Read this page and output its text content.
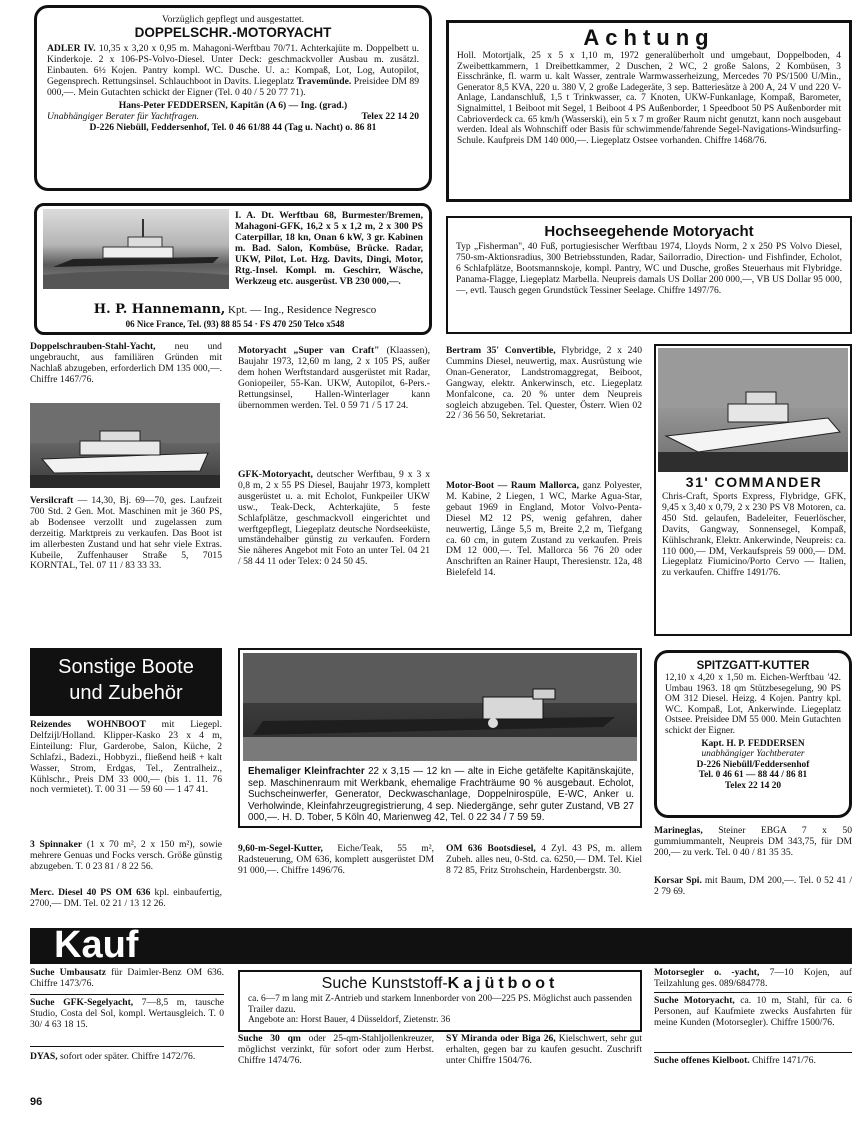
Vorzüglich gepflegt und ausgestattet.

DOPPELSCHR.-MOTORYACHT

ADLER IV. 10,35 x 3,20 x 0,95 m. Mahagoni-Werftbau 70/71. Achterkajüte m. Doppelbett u. Kinderkoje. 2 x 106-PS-Volvo-Diesel. Unter Deck: geschmackvoller Ausbau m. zusätzl. Einbauten. 6½ Kojen. Pantry kompl. WC. Dusche. U. a.: Kompaß, Lot, Log, Autopilot, Gegensprech. Rettungsinsel. Schlauchboot in Davits. Liegeplatz Travemünde. Preisidee DM 89 000,—. Mein Gutachten schickt der Eigner (Tel. 0 40 / 5 20 77 71).

Hans-Peter FEDDERSEN, Kapitän (A 6) — Ing. (grad.)

Unabhängiger Berater für Yachtfragen.	Telex 22 14 20

D-226 Niebüll, Feddersenhof, Tel. 0 46 61/88 44 (Tag u. Nacht) o. 86 81

Achtung

Holl. Motortjalk, 25 x 5 x 1,10 m, 1972 generalüberholt und umgebaut, Doppelboden, 4 Zweibettkammern, 1 Dreibettkammer, 2 Duschen, 2 WC, 2 große Salons, 2 Kombüsen, 3 Eisschränke, fl. warm u. kalt Wasser, zentrale Warmwasserheizung, Mercedes 70 PS/1500 U/Min., Generator 8,5 KVA, 220 u. 380 V, 2 große Ladegeräte, 3 sep. Batteriesätze à 200 A, 24 V und 220 V-Anlage, Landanschluß, 1,5 t Trinkwasser, ca. 7 Knoten, UKW-Funkanlage, Kompaß, Barometer, Signalmittel, 1 Beiboot mit Segel, 1 Beiboot 4 PS Außenborder, 1 Speedboot 50 PS Außenborder mit Cabrioverdeck ca. 65 km/h (Wasserski), ein 5 x 7 m großer Raum nicht genutzt, kann noch ausgebaut werden. Ideal als Wohnschiff oder Basis für schwimmende/fahrende Segel-Navigations-Windsurfing-Schule. Kaufpreis DM 140 000,—. Liegeplatz Ostsee vorhanden. Chiffre 1468/76.

I. A. Dt. Werftbau 68, Burmester/Bremen, Mahagoni-GFK, 16,2 x 5 x 1,2 m, 2 x 300 PS Caterpillar, 18 kn, Onan 6 kW, 3 gr. Kabinen m. Bad. Salon, Kombüse, Brücke. Radar, UKW, Pilot, Lot. Hzg. Davits, Dingi, Motor, Rtg.-Insel. Kompl. m. Geschirr, Wäsche, Werkzeug etc. ausgerüst. VB 230 000,—.

H. P. Hannemann, Kpt. — Ing., Residence Negresco

06 Nice France, Tel. (93) 88 85 54 · FS 470 250 Telco x548

Hochseegehende Motoryacht

Typ „Fisherman", 40 Fuß, portugiesischer Werftbau 1974, Lloyds Norm, 2 x 250 PS Volvo Diesel, 750-sm-Aktionsradius, 300 Betriebsstunden, Radar, Sailorradio, Direction- und Fishfinder, Echolot, 6 Schlafplätze, Bootsmannskoje, kompl. Pantry, WC und Dusche, großes Steuerhaus mit Flybridge. Panama-Flagge, Liegeplatz Marbella. Neupreis damals US Dollar 200 000,—, VB US Dollar 95 000,—, evtl. Tausch gegen Grundstück Tessiner Seelage. Chiffre 1497/76.

Doppelschrauben-Stahl-Yacht, neu und ungebraucht, aus familiären Gründen mit Nachlaß abzugeben, erforderlich DM 135 000,—. Chiffre 1467/76.
Versilcraft — 14,30, Bj. 69—70, ges. Laufzeit 700 Std. 2 Gen. Mot. Maschinen mit je 360 PS, ab Bodensee verzollt und zugelassen zum derzeitig. Marktpreis zu verkaufen. Das Boot ist im allerbesten Zustand und hat sehr viele Extras. Kubeile, Zuffenhauser Straße 5, 7015 KORNTAL, Tel. 07 11 / 83 33 33.
Motoryacht „Super van Craft" (Klaassen), Baujahr 1973, 12,60 m lang, 2 x 105 PS, außer dem hohen Werftstandard ausgerüstet mit Radar, Goniopeiler, 55-Kan. UKW, Autopilot, 6-Pers.-Rettungsinsel, Hallen-Winterlager kann übernommen werden. Tel. 0 59 71 / 5 17 24.
GFK-Motoryacht, deutscher Werftbau, 9 x 3 x 0,8 m, 2 x 55 PS Diesel, Baujahr 1973, komplett ausgerüstet u. a. mit Echolot, Funkpeiler UKW usw., Teak-Deck, Achterkajüte, 5 feste Schlafplätze, geschmackvoll eingerichtet und werftgepflegt, Liegeplatz deutsche Nordseeküste, umständehalber günstig zu verkaufen. Fordern Sie näheres Angebot mit Foto an unter Tel. 04 21 / 58 44 11 oder Telex: 0 24 50 45.
Bertram 35' Convertible, Flybridge, 2 x 240 Cummins Diesel, neuwertig, max. Ausrüstung wie Onan-Generator, Landstromaggregat, Beiboot, Gangway, elektr. Ankerwinsch, etc. Liegeplatz Monfalcone, ca. 20 % unter dem Neupreis sogleich abzugeben. Tel. Quester, Österr. Wien 02 22 / 36 56 50, Sekretariat.
Motor-Boot — Raum Mallorca, ganz Polyester, M. Kabine, 2 Liegen, 1 WC, Marke Agua-Star, gebaut 1969 in England, Motor Volvo-Penta-Diesel M2 12 PS, wenig gefahren, daher neuwertig, Länge 5,5 m, Breite 2,2 m, Tiefgang ca. 60 cm, in gutem Zustand zu verkaufen. Preis DM 12 000,—. Tel. Mallorca 56 76 20 oder Anschriften an Rainer Haupt, Theresienstr. 12a, 48 Bielefeld 14.

31' COMMANDER

Chris-Craft, Sports Express, Flybridge, GFK, 9,45 x 3,40 x 0,79, 2 x 230 PS V8 Motoren, ca. 450 Std. gelaufen, Badeleiter, Feuerlöscher, Davits, Gangway, Sonnensegel, Kompaß, Kühlschrank, Elektr. Ankerwinde, Neupreis: ca. 110 000,— DM, Verkaufspreis 59 000,— DM. Liegeplatz Fiumicino/Porto Cervo — Italien, zu verkaufen. Chiffre 1491/76.

Sonstige Boote

und Zubehör

Reizendes WOHNBOOT mit Liegepl. Delfzijl/Holland. Klipper-Kasko 23 x 4 m, Einteilung: Flur, Garderobe, Salon, Küche, 2 Schlafzi., Badezi., Hobbyzi., fließend heiß + kalt Wasser, Strom, Erdgas, Tel., Zentralheiz., Kühlschr., Preis DM 33 000,— (bis 1. 11. 76 noch vermietet). T. 00 31 — 59 60 — 1 47 41.
3 Spinnaker (1 x 70 m², 2 x 150 m²), sowie mehrere Genuas und Focks versch. Größe günstig abzugeben. T. 0 23 81 / 8 22 56.
Merc. Diesel 40 PS OM 636 kpl. einbaufertig, 2700,— DM. Tel. 02 21 / 13 12 26.

Ehemaliger Kleinfrachter 22 x 3,15 — 12 kn — alte in Eiche getäfelte Kapitänskajüte, sep. Maschinenraum mit Werkbank, ehemalige Frachträume 90 % ausgebaut. Echolot, Suchscheinwerfer, Generator, Deckwaschanlage, Doppelnirospüle, E-WC, Anker u. Verholwinde, Kleinfahrzeugregistrierung, 4 sep. Niedergänge, sehr guter Zustand, VB 27 000,—. H. D. Tober, 5 Köln 40, Marienweg 42, Tel. 0 22 34 / 7 59 59.

SPITZGATT-KUTTER

12,10 x 4,20 x 1,50 m. Eichen-Werftbau '42. Umbau 1963. 18 qm Stützbesegelung, 90 PS OM 312 Diesel. Heizg. 4 Kojen. Pantry kpl. WC. Kompaß, Lot, Ankerwinde. Liegeplatz Ostsee. Preisidee DM 55 000. Mein Gutachten schickt der Eigner.

Kapt. H. P. FEDDERSEN

unabhängiger Yachtberater

D-226 Niebüll/Feddersenhof

Tel. 0 46 61 — 88 44 / 86 81

Telex 22 14 20

9,60-m-Segel-Kutter, Eiche/Teak, 55 m², Radsteuerung, OM 636, komplett ausgerüstet DM 91 000,—. Chiffre 1496/76.
OM 636 Bootsdiesel, 4 Zyl. 43 PS, m. allem Zubeh. alles neu, 0-Std. ca. 6250,— DM. Tel. Kiel 8 72 85, Fritz Strohschein, Hardenbergstr. 30.
Marineglas, Steiner EBGA 7 x 50 gummiummantelt, Neupreis DM 343,75, für DM 200,— zu verk. Tel. 0 40 / 81 35 35.
Korsar Spi. mit Baum, DM 200,—. Tel. 0 52 41 / 2 79 69.

Kauf

Suche Umbausatz für Daimler-Benz OM 636. Chiffre 1473/76.
Suche GFK-Segelyacht, 7—8,5 m, tausche Studio, Costa del Sol, kompl. Wertausgleich. T. 0 30/ 4 63 18 15.
DYAS, sofort oder später. Chiffre 1472/76.

Suche Kunststoff-Kajütboot

ca. 6—7 m lang mit Z-Antrieb und starkem Innenborder von 200—225 PS. Möglichst auch passenden Trailer dazu.

Angebote an: Horst Bauer, 4 Düsseldorf, Zietenstr. 36

Suche 30 qm oder 25-qm-Stahljollenkreuzer, möglichst verzinkt, für sofort oder zum Herbst. Chiffre 1474/76.
SY Miranda oder Biga 26, Kielschwert, sehr gut erhalten, gegen bar zu kaufen gesucht. Zuschrift unter Chiffre 1504/76.
Motorsegler o. -yacht, 7—10 Kojen, auf Teilzahlung ges. 089/684778.
Suche Motoryacht, ca. 10 m, Stahl, für ca. 6 Personen, auf Kaufmiete zwecks Ausfahrten für meine Kunden (Motorsegler). Chiffre 1500/76.
Suche offenes Kielboot. Chiffre 1471/76.

96
